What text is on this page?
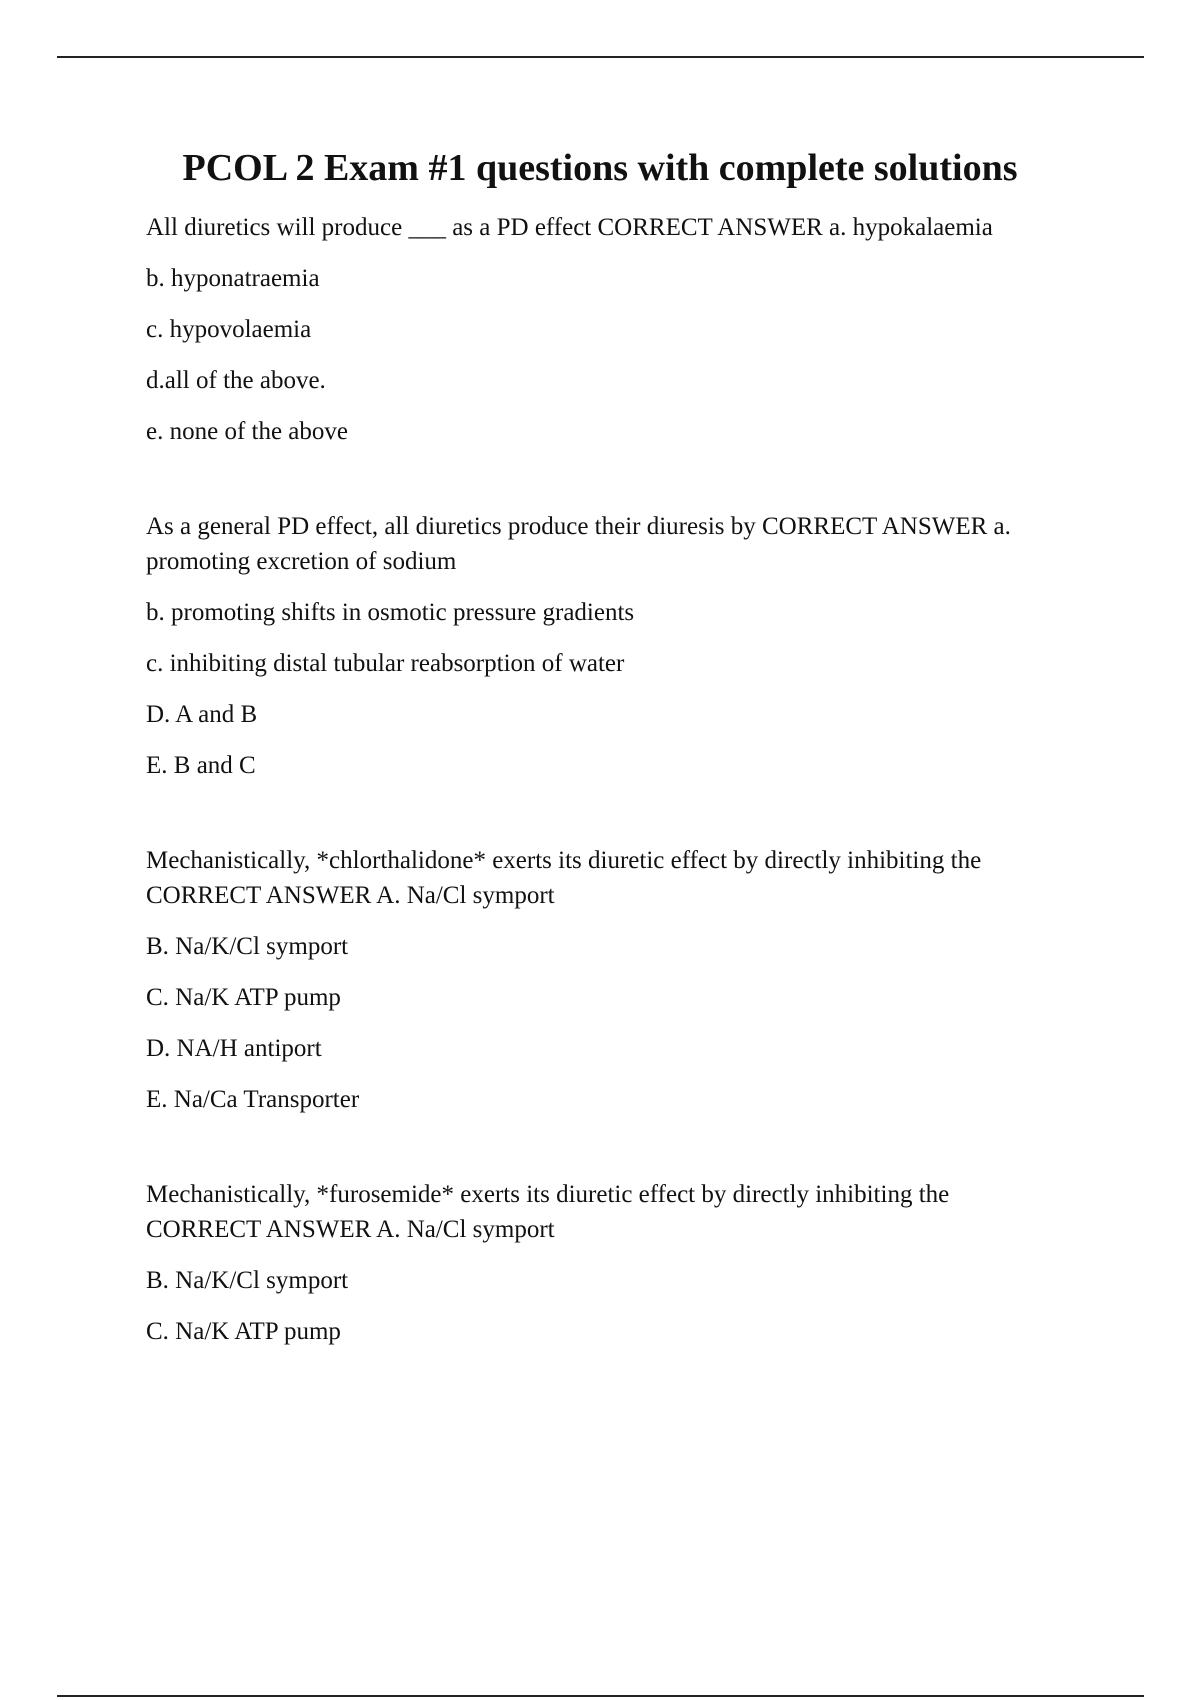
PCOL 2 Exam #1 questions with complete solutions

All diuretics will produce ___ as a PD effect CORRECT ANSWER a. hypokalaemia

b. hyponatraemia

c. hypovolaemia

d.all of the above.

e. none of the above

As a general PD effect, all diuretics produce their diuresis by CORRECT ANSWER a. promoting excretion of sodium

b. promoting shifts in osmotic pressure gradients

c. inhibiting distal tubular reabsorption of water

D. A and B

E. B and C

Mechanistically, *chlorthalidone* exerts its diuretic effect by directly inhibiting the CORRECT ANSWER A. Na/Cl symport

B. Na/K/Cl symport

C. Na/K ATP pump

D. NA/H antiport

E. Na/Ca Transporter

Mechanistically, *furosemide* exerts its diuretic effect by directly inhibiting the CORRECT ANSWER A. Na/Cl symport

B. Na/K/Cl symport

C. Na/K ATP pump
